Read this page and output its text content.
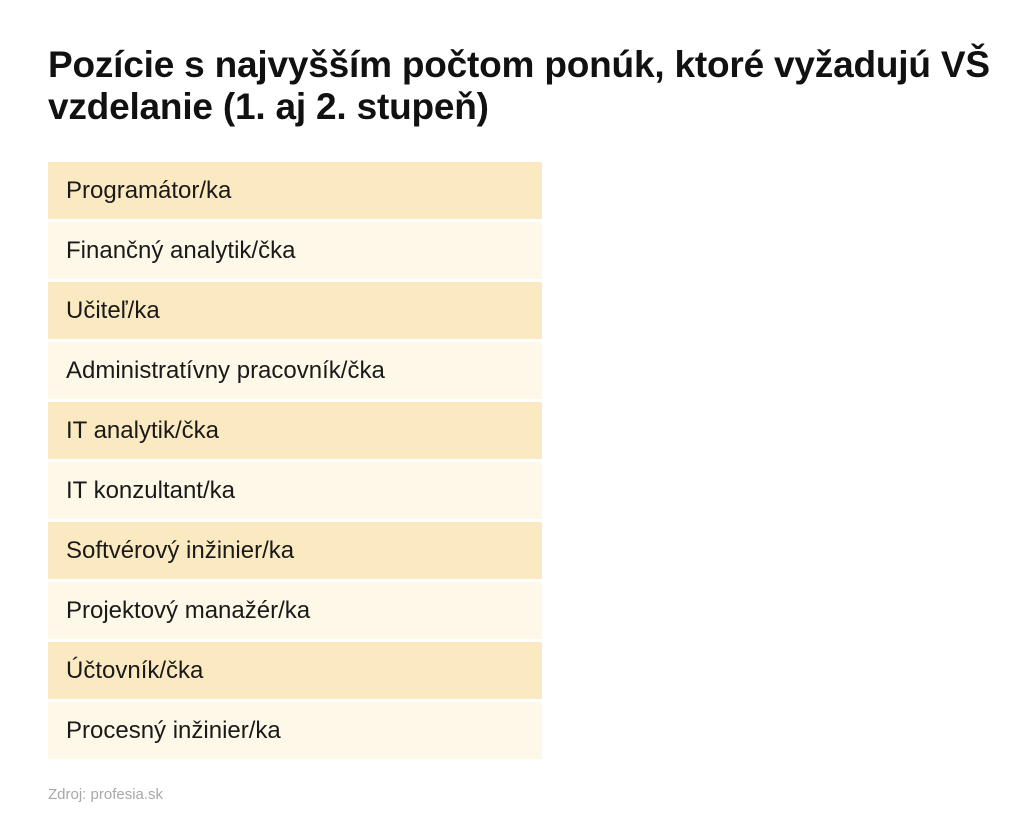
Pozície s najvyšším počtom ponúk, ktoré vyžadujú VŠ vzdelanie (1. aj 2. stupeň)
Programátor/ka
Finančný analytik/čka
Učiteľ/ka
Administratívny pracovník/čka
IT analytik/čka
IT konzultant/ka
Softvérový inžinier/ka
Projektový manažér/ka
Účtovník/čka
Procesný inžinier/ka
Zdroj: profesia.sk
